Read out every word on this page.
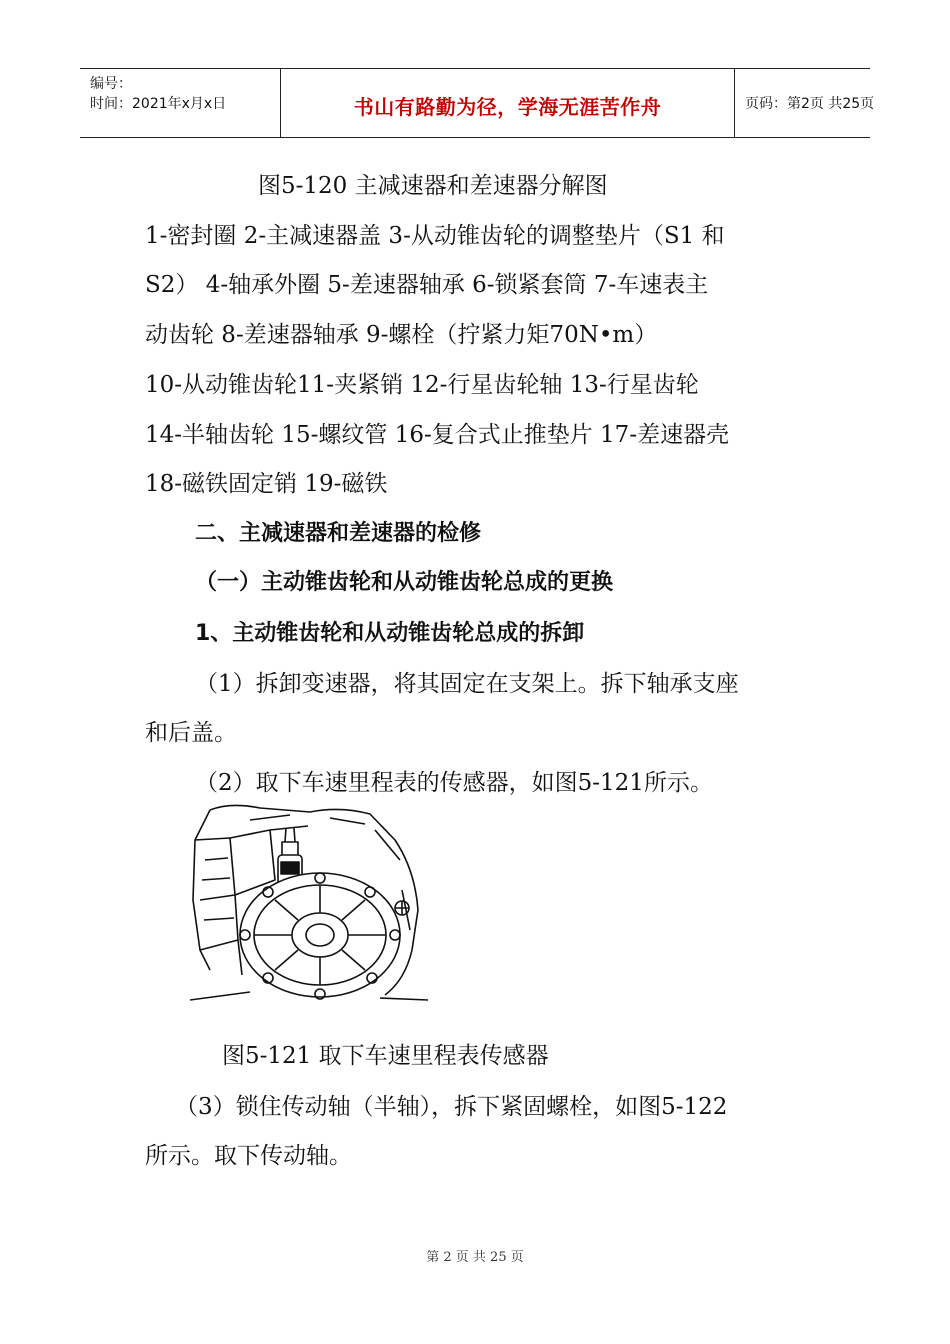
编号：
时间：2021年x月x日	书山有路勤为径，学海无涯苦作舟	页码：第2页 共25页
图5-120 主减速器和差速器分解图
1-密封圈 2-主减速器盖 3-从动锥齿轮的调整垫片（S1 和
S2） 4-轴承外圈 5-差速器轴承 6-锁紧套筒 7-车速表主
动齿轮 8-差速器轴承 9-螺栓（拧紧力矩70N•m）
10-从动锥齿轮11-夹紧销 12-行星齿轮轴 13-行星齿轮
14-半轴齿轮 15-螺纹管 16-复合式止推垫片 17-差速器壳
18-磁铁固定销 19-磁铁
二、主减速器和差速器的检修
（一）主动锥齿轮和从动锥齿轮总成的更换
1、主动锥齿轮和从动锥齿轮总成的拆卸
（1）拆卸变速器，将其固定在支架上。拆下轴承支座
和后盖。
（2）取下车速里程表的传感器，如图5-121所示。
图5-121 取下车速里程表传感器
（3）锁住传动轴（半轴），拆下紧固螺栓，如图5-122
所示。取下传动轴。
第 2 页 共 25 页
